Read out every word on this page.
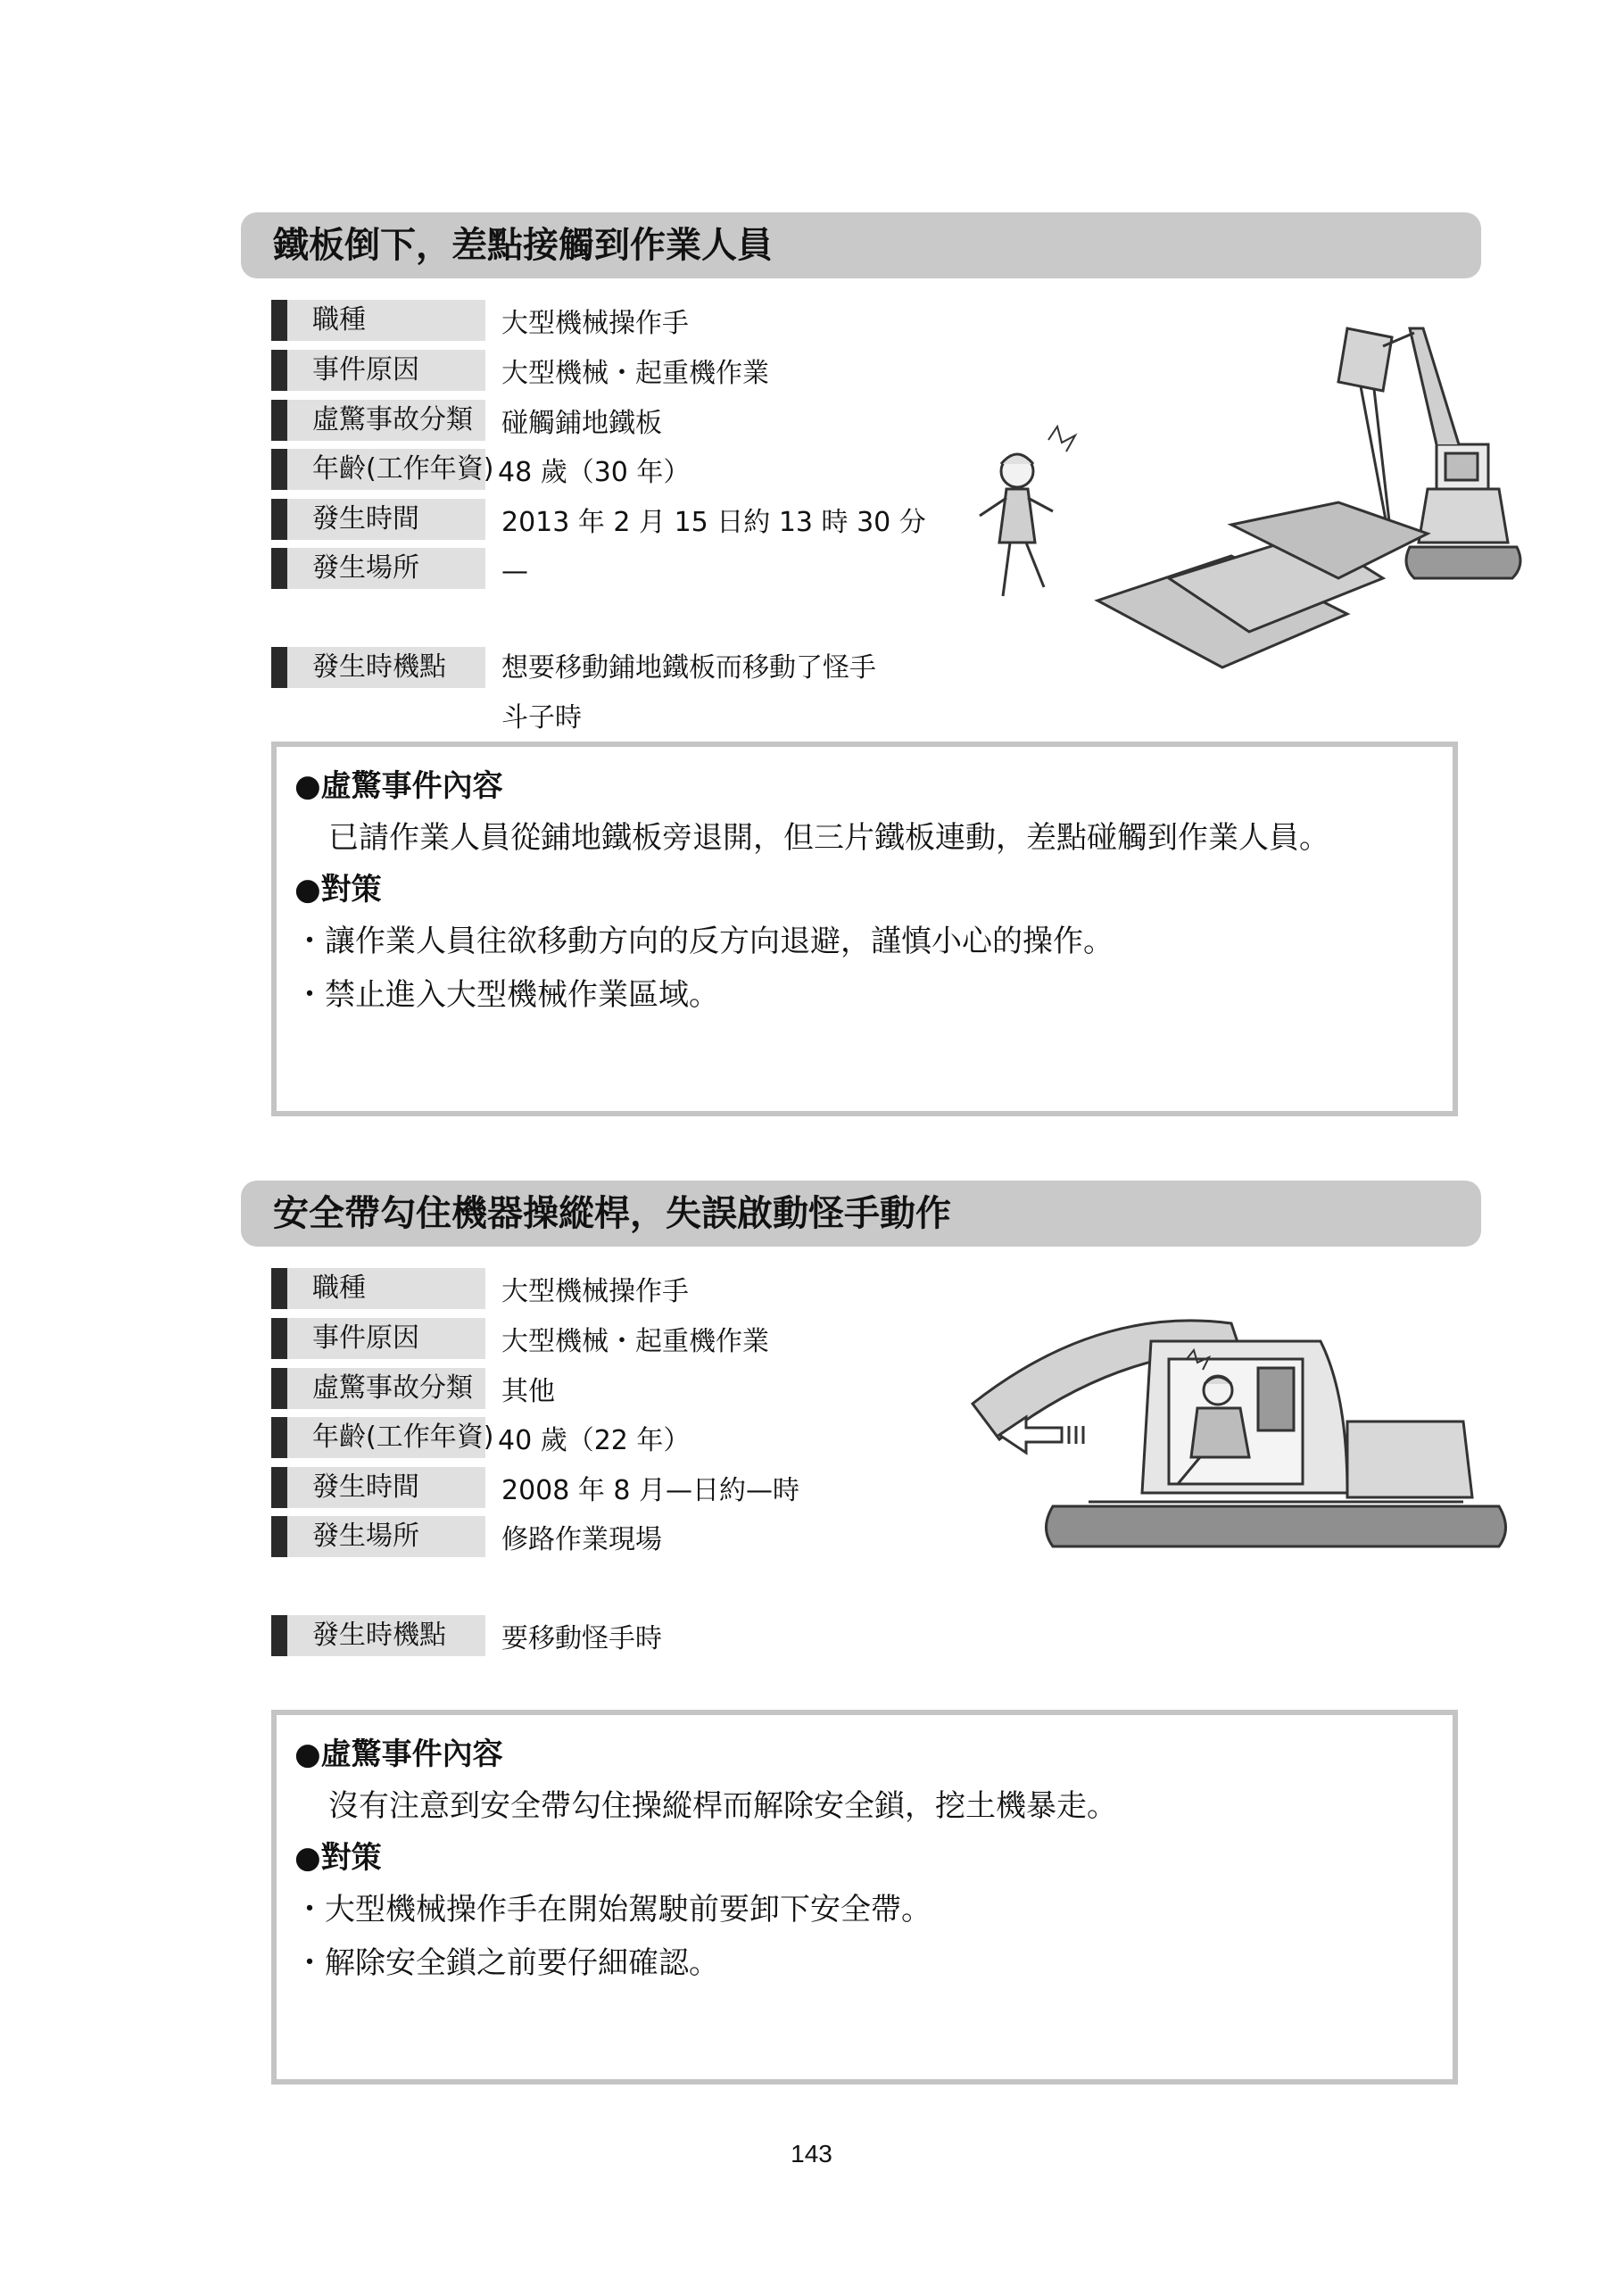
鐵板倒下，差點接觸到作業人員
職種	大型機械操作手
事件原因	大型機械・起重機作業
虛驚事故分類	碰觸鋪地鐵板
年齡(工作年資) 48 歲（30 年）
發生時間	2013 年 2 月 15 日約 13 時 30 分
發生場所	—
發生時機點	想要移動鋪地鐵板而移動了怪手斗子時
●虛驚事件內容
已請作業人員從鋪地鐵板旁退開，但三片鐵板連動，差點碰觸到作業人員。
●對策
・讓作業人員往欲移動方向的反方向退避，謹慎小心的操作。
・禁止進入大型機械作業區域。
安全帶勾住機器操縱桿，失誤啟動怪手動作
職種	大型機械操作手
事件原因	大型機械・起重機作業
虛驚事故分類	其他
年齡(工作年資) 40 歲（22 年）
發生時間	2008 年 8 月—日約—時
發生場所	修路作業現場
發生時機點	要移動怪手時
●虛驚事件內容
沒有注意到安全帶勾住操縱桿而解除安全鎖，挖土機暴走。
●對策
・大型機械操作手在開始駕駛前要卸下安全帶。
・解除安全鎖之前要仔細確認。
143
